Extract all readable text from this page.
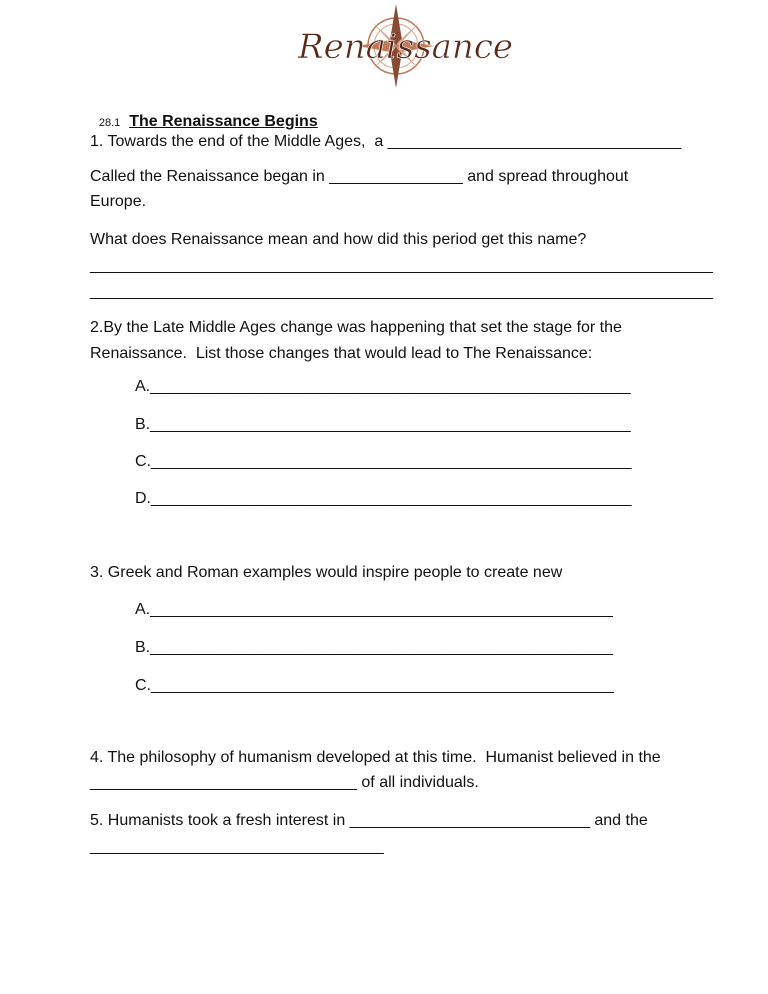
Renaissance

28.1 The Renaissance Begins

1. Towards the end of the Middle Ages,  a _________________________________
Called the Renaissance began in _______________ and spread throughout
Europe.
What does Renaissance mean and how did this period get this name?
______________________________________________________________________
______________________________________________________________________
2.By the Late Middle Ages change was happening that set the stage for the
Renaissance.  List those changes that would lead to The Renaissance:
A.______________________________________________________
B.______________________________________________________
C.______________________________________________________
D.______________________________________________________
3. Greek and Roman examples would inspire people to create new
A.____________________________________________________
B.____________________________________________________
C.____________________________________________________
4. The philosophy of humanism developed at this time.  Humanist believed in the
______________________________ of all individuals.
5. Humanists took a fresh interest in ___________________________ and the
_________________________________
